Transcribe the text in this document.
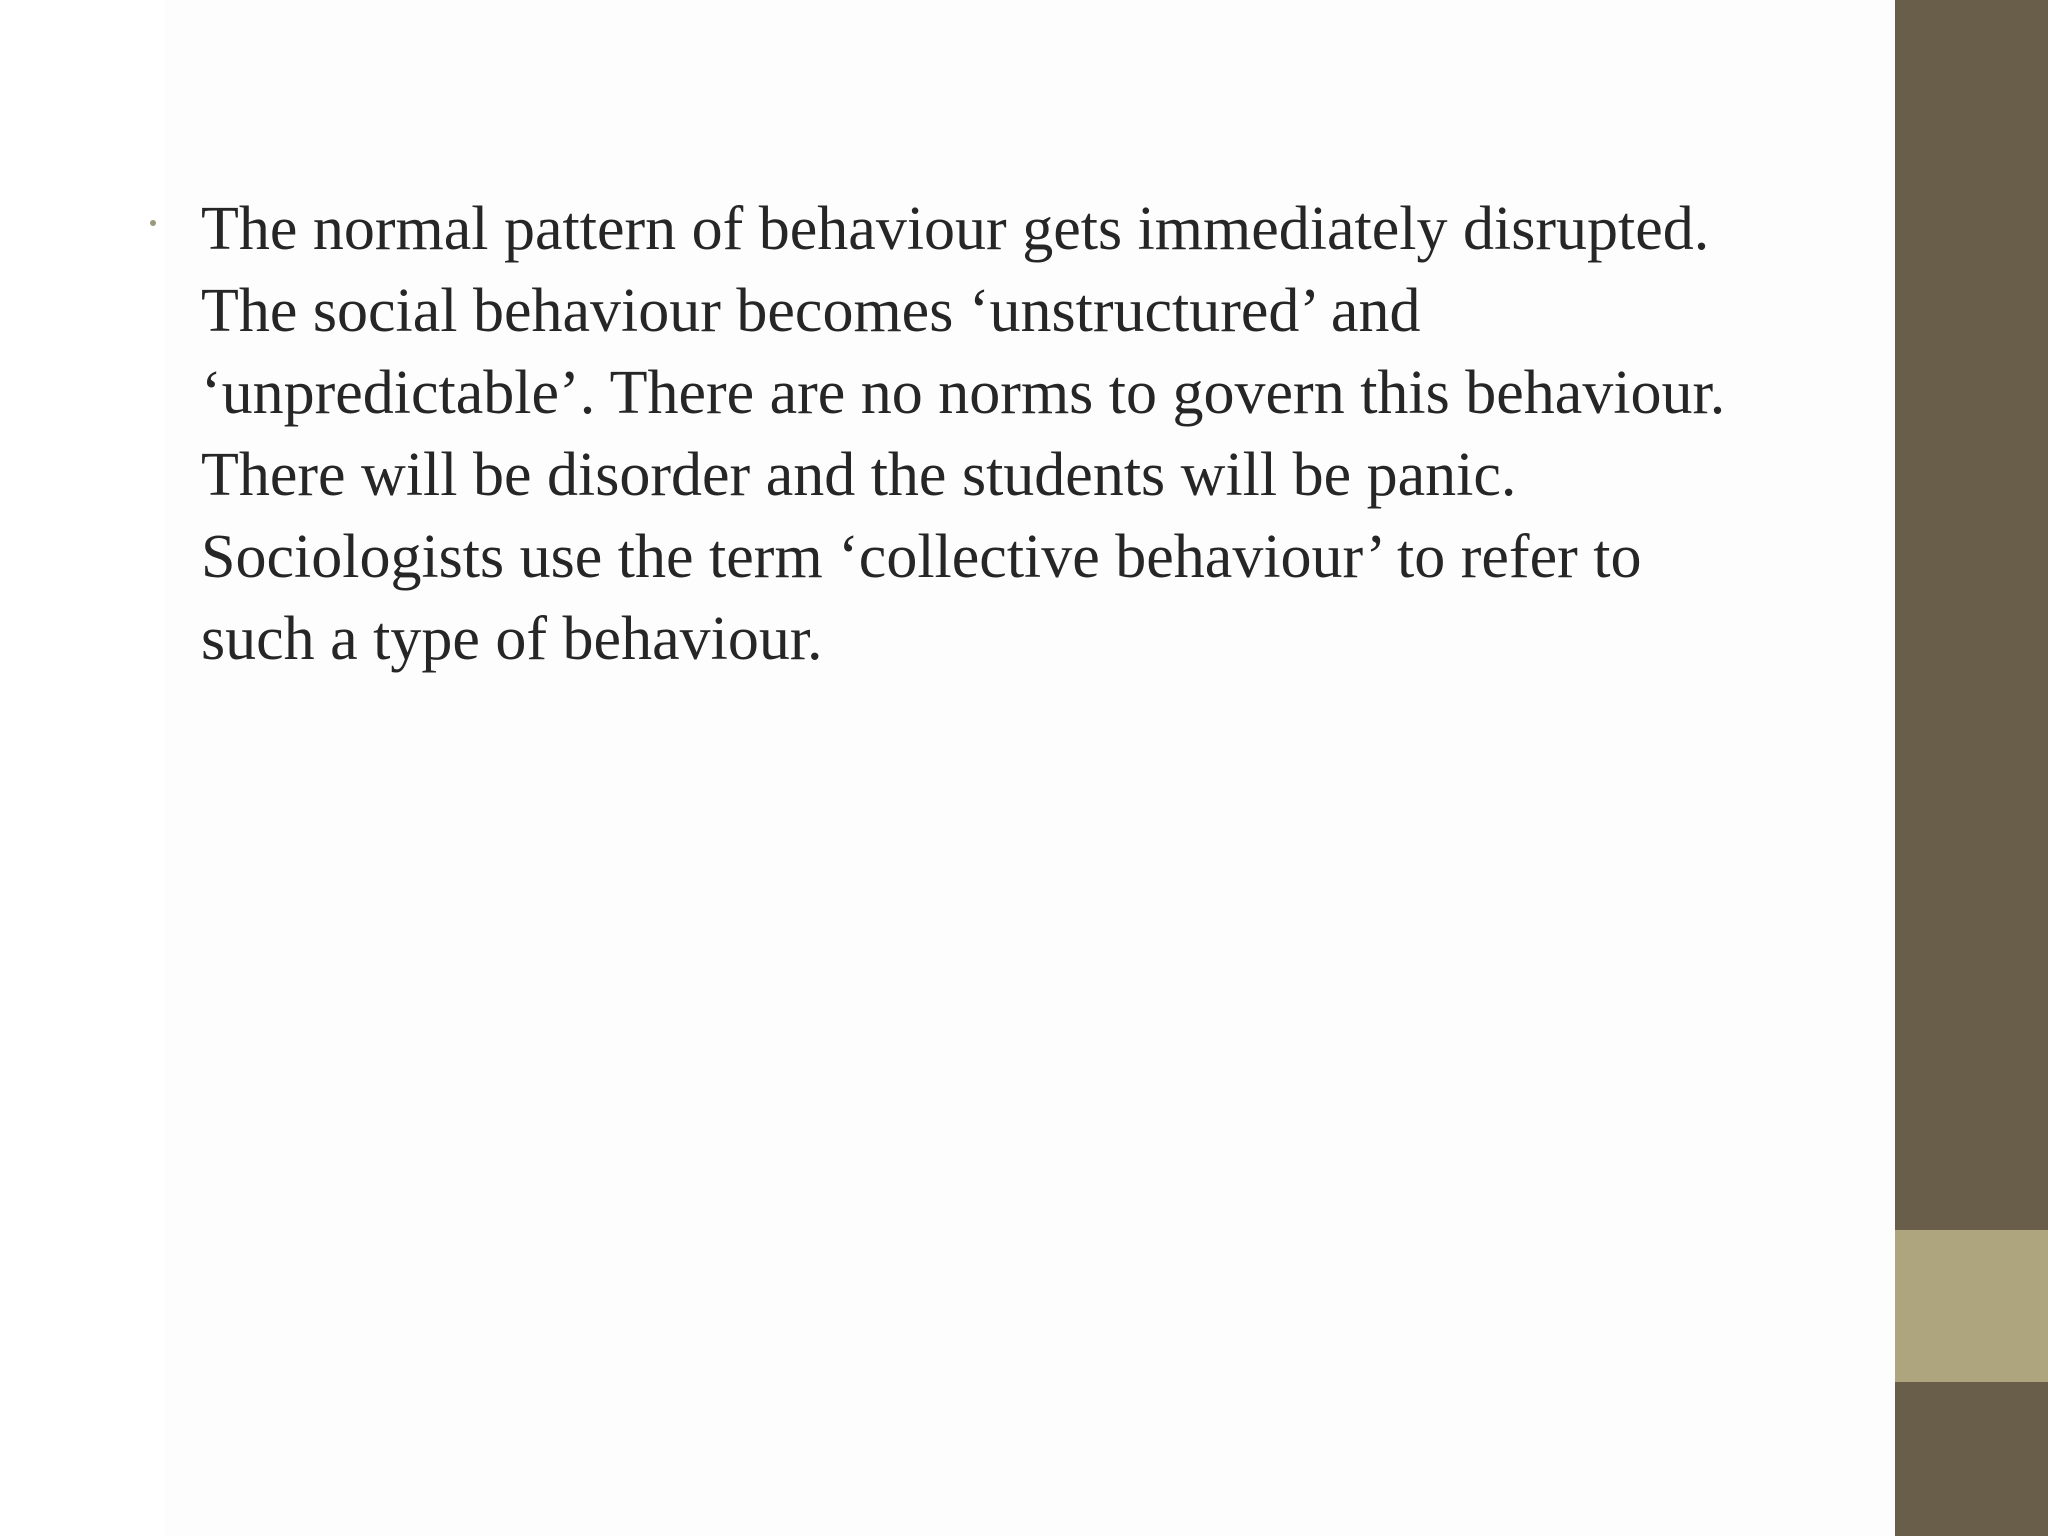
The normal pattern of behaviour gets immediately disrupted.
The social behaviour becomes ‘unstructured’ and
‘unpredictable’. There are no norms to govern this behaviour.
There will be disorder and the students will be panic.
Sociologists use the term ‘collective behaviour’ to refer to
such a type of behaviour.
